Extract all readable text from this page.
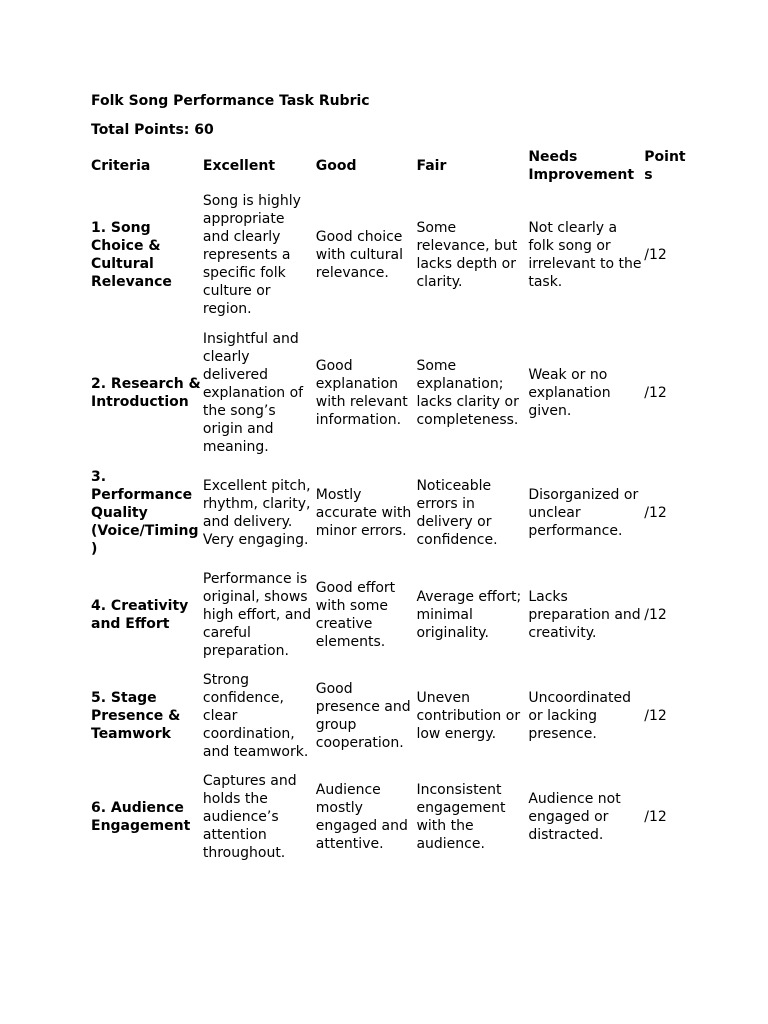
Folk Song Performance Task Rubric

Total Points: 60

Criteria	Excellent	Good	Fair	Needs Improvement	Points
1. Song Choice & Cultural Relevance	Song is highly appropriate and clearly represents a specific folk culture or region.	Good choice with cultural relevance.	Some relevance, but lacks depth or clarity.	Not clearly a folk song or irrelevant to the task.	/12
2. Research & Introduction	Insightful and clearly delivered explanation of the song’s origin and meaning.	Good explanation with relevant information.	Some explanation; lacks clarity or completeness.	Weak or no explanation given.	/12
3. Performance Quality (Voice/Timing)	Excellent pitch, rhythm, clarity, and delivery. Very engaging.	Mostly accurate with minor errors.	Noticeable errors in delivery or confidence.	Disorganized or unclear performance.	/12
4. Creativity and Effort	Performance is original, shows high effort, and careful preparation.	Good effort with some creative elements.	Average effort; minimal originality.	Lacks preparation and creativity.	/12
5. Stage Presence & Teamwork	Strong confidence, clear coordination, and teamwork.	Good presence and group cooperation.	Uneven contribution or low energy.	Uncoordinated or lacking presence.	/12
6. Audience Engagement	Captures and holds the audience’s attention throughout.	Audience mostly engaged and attentive.	Inconsistent engagement with the audience.	Audience not engaged or distracted.	/12
